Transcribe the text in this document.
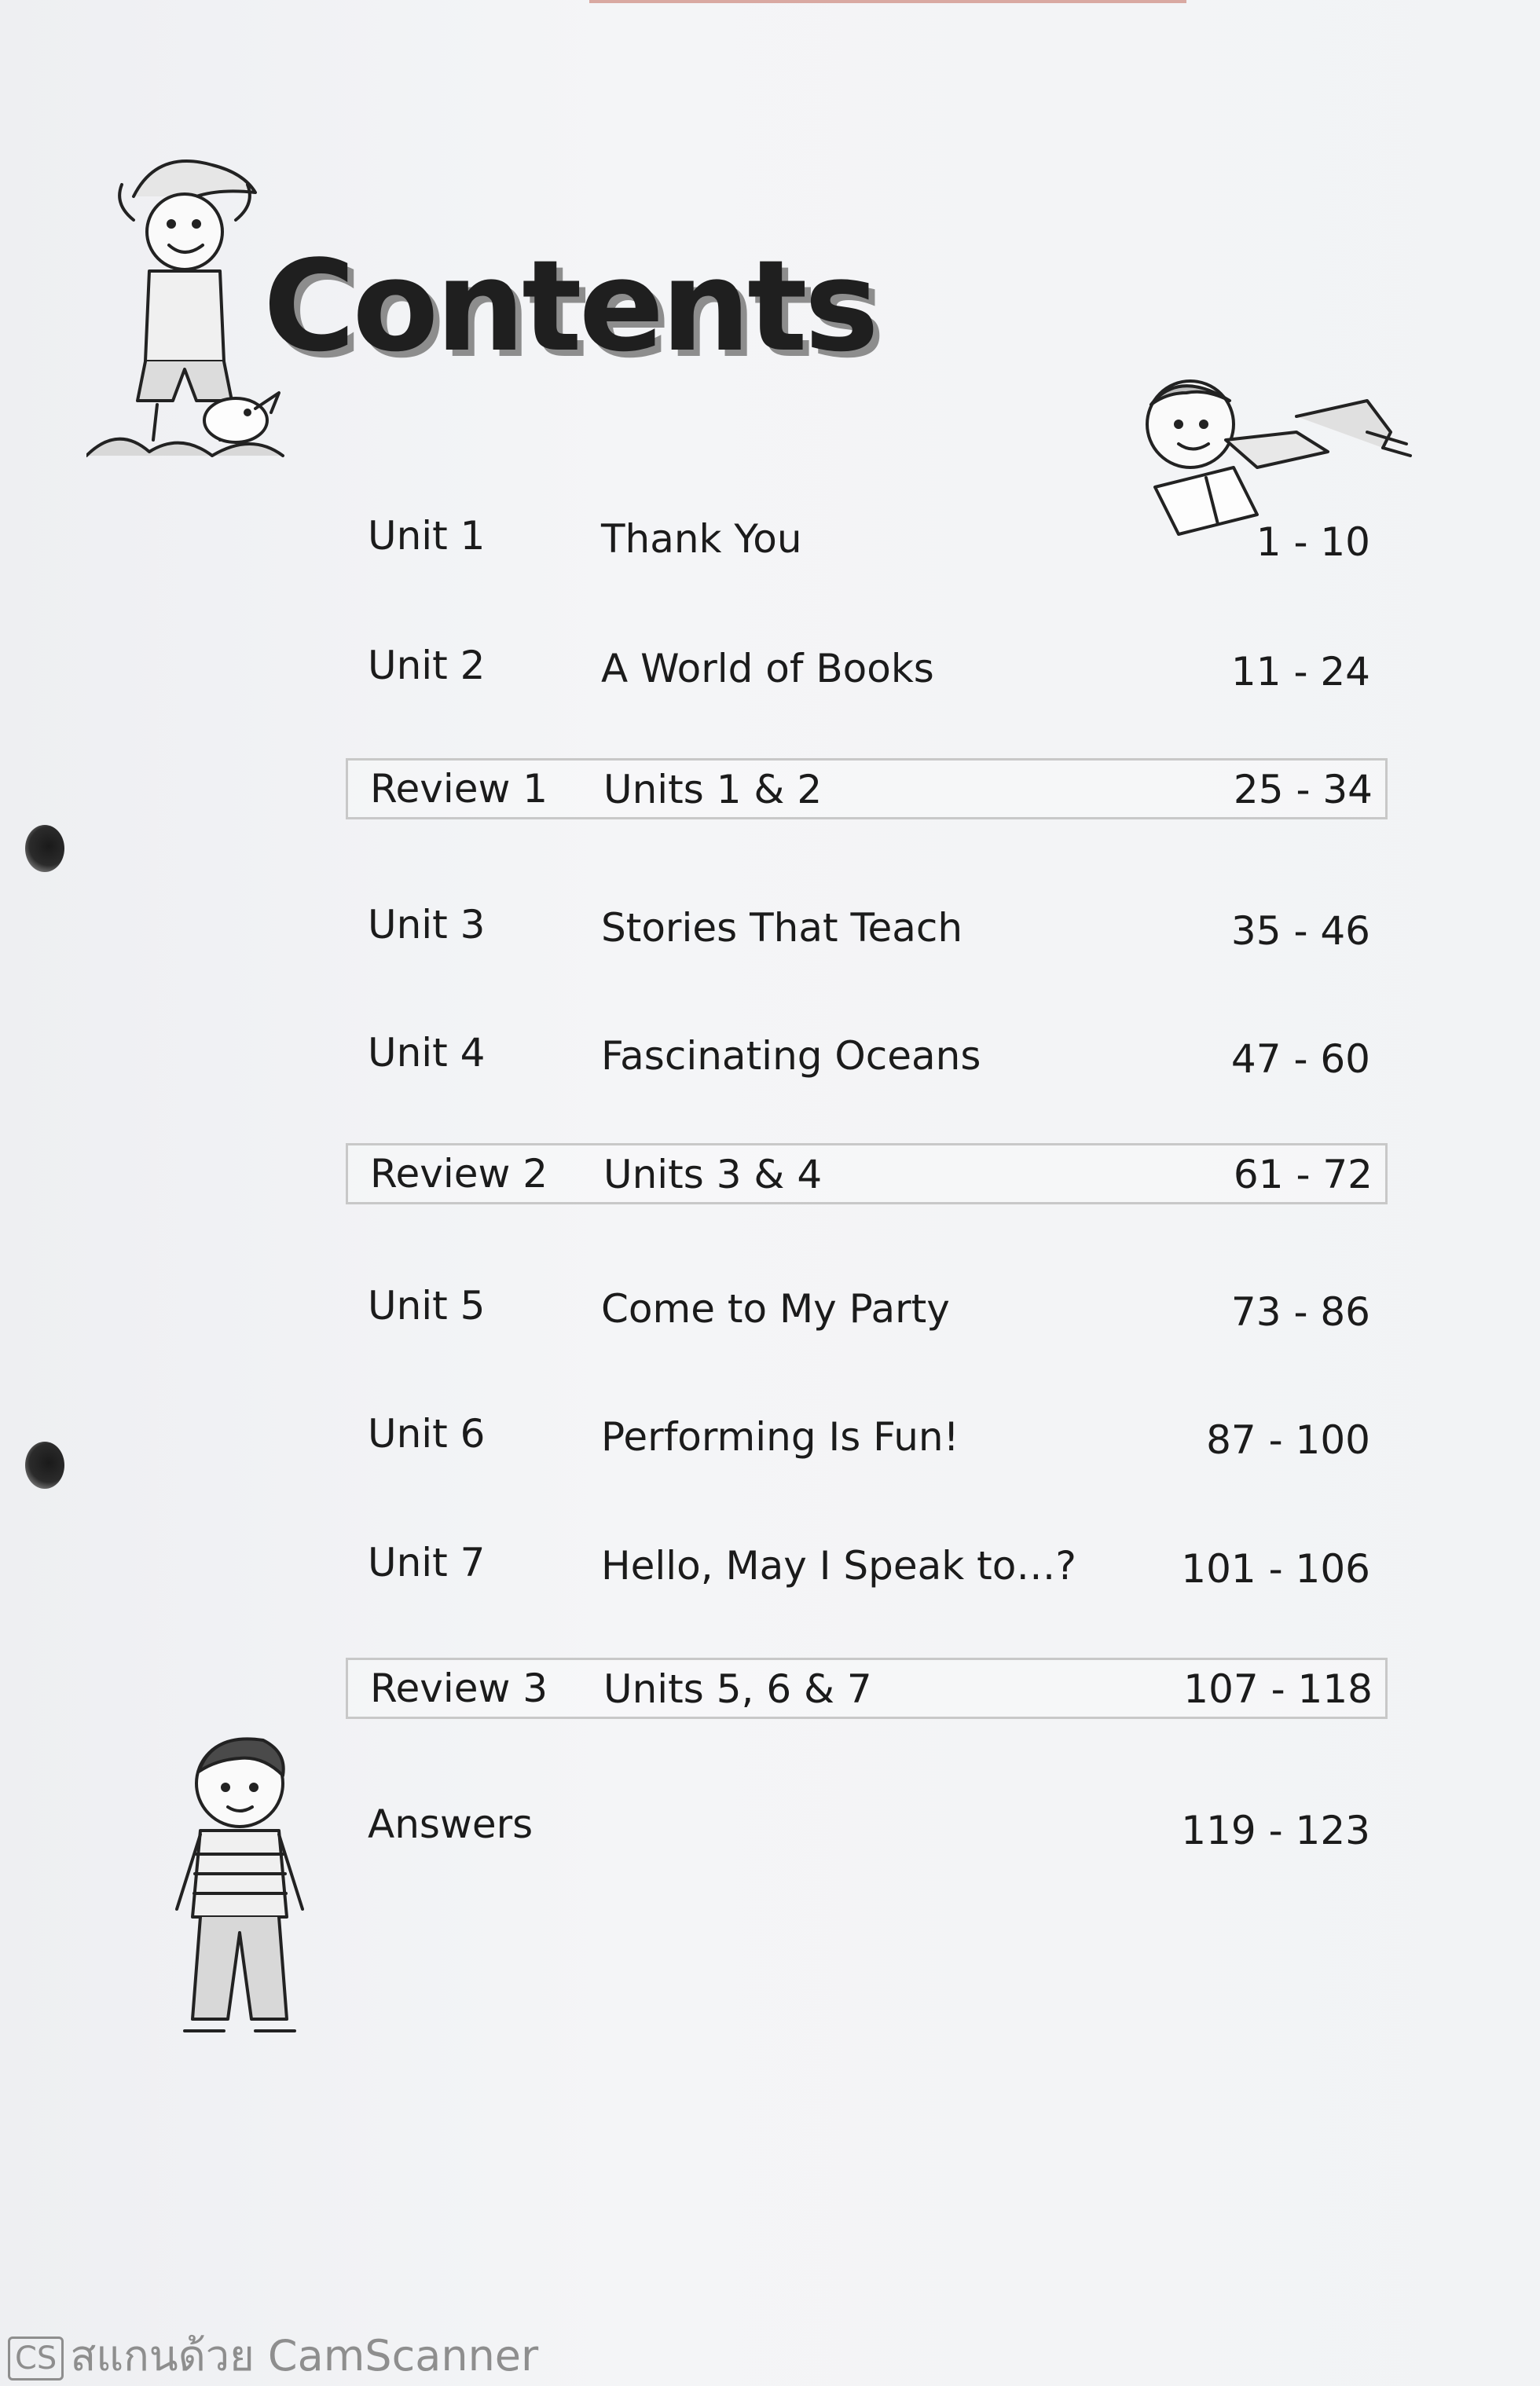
Contents
Unit 1	Thank You	1 - 10
Unit 2	A World of Books	11 - 24
Review 1 Units 1 & 2	25 - 34
Unit 3	Stories That Teach	35 - 46
Unit 4	Fascinating Oceans	47 - 60
Review 2 Units 3 & 4	61 - 72
Unit 5	Come to My Party	73 - 86
Unit 6	Performing Is Fun!	87 - 100
Unit 7	Hello, May I Speak to…?	101 - 106
Review 3 Units 5, 6 & 7	107 - 118
Answers	119 - 123
CS สแกนด้วย CamScanner
